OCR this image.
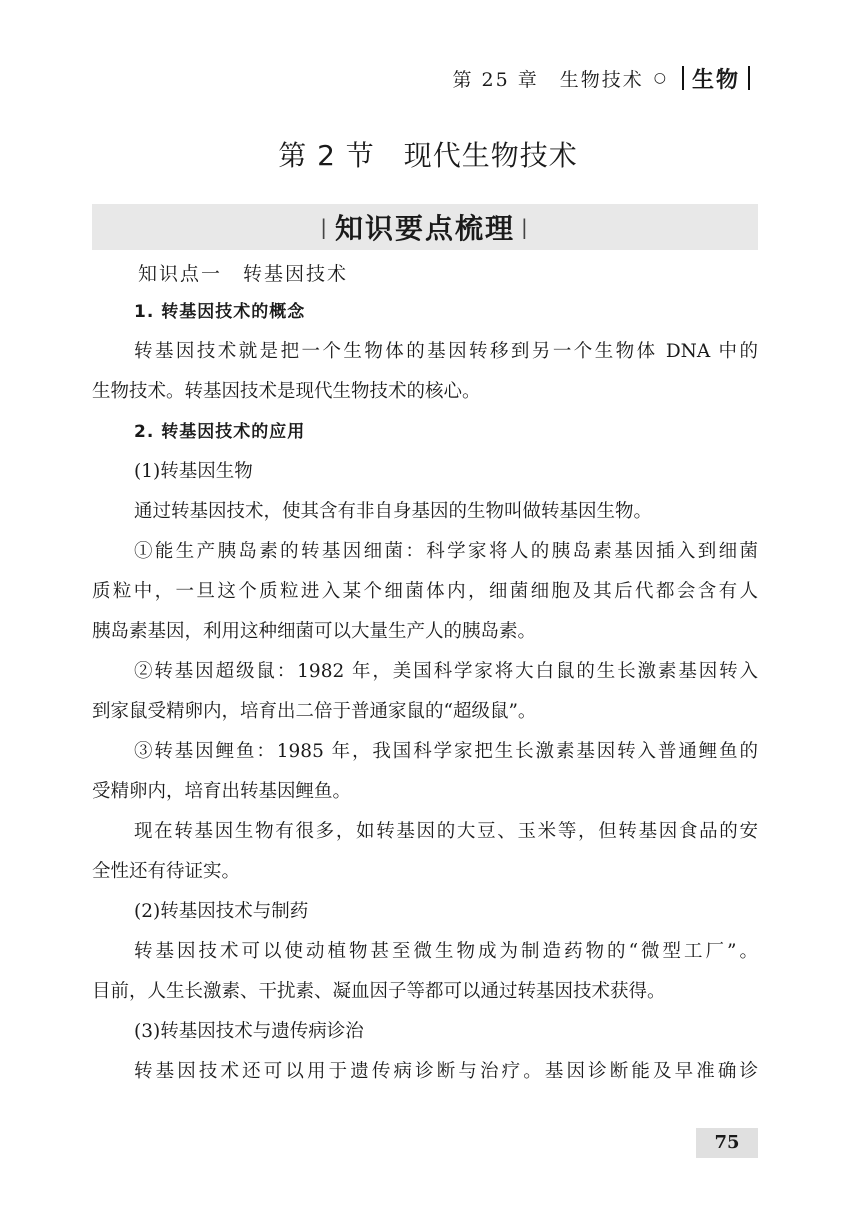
第 25 章　生物技术 ○ 生物
第 2 节　现代生物技术
| 知识要点梳理 |
知识点一　转基因技术
1. 转基因技术的概念
转基因技术就是把一个生物体的基因转移到另一个生物体 DNA 中的
生物技术。转基因技术是现代生物技术的核心。
2. 转基因技术的应用
(1)转基因生物
通过转基因技术，使其含有非自身基因的生物叫做转基因生物。
①能生产胰岛素的转基因细菌：科学家将人的胰岛素基因插入到细菌
质粒中，一旦这个质粒进入某个细菌体内，细菌细胞及其后代都会含有人
胰岛素基因，利用这种细菌可以大量生产人的胰岛素。
②转基因超级鼠：1982 年，美国科学家将大白鼠的生长激素基因转入
到家鼠受精卵内，培育出二倍于普通家鼠的“超级鼠”。
③转基因鲤鱼：1985 年，我国科学家把生长激素基因转入普通鲤鱼的
受精卵内，培育出转基因鲤鱼。
现在转基因生物有很多，如转基因的大豆、玉米等，但转基因食品的安
全性还有待证实。
(2)转基因技术与制药
转基因技术可以使动植物甚至微生物成为制造药物的“微型工厂”。
目前，人生长激素、干扰素、凝血因子等都可以通过转基因技术获得。
(3)转基因技术与遗传病诊治
转基因技术还可以用于遗传病诊断与治疗。基因诊断能及早准确诊
75
